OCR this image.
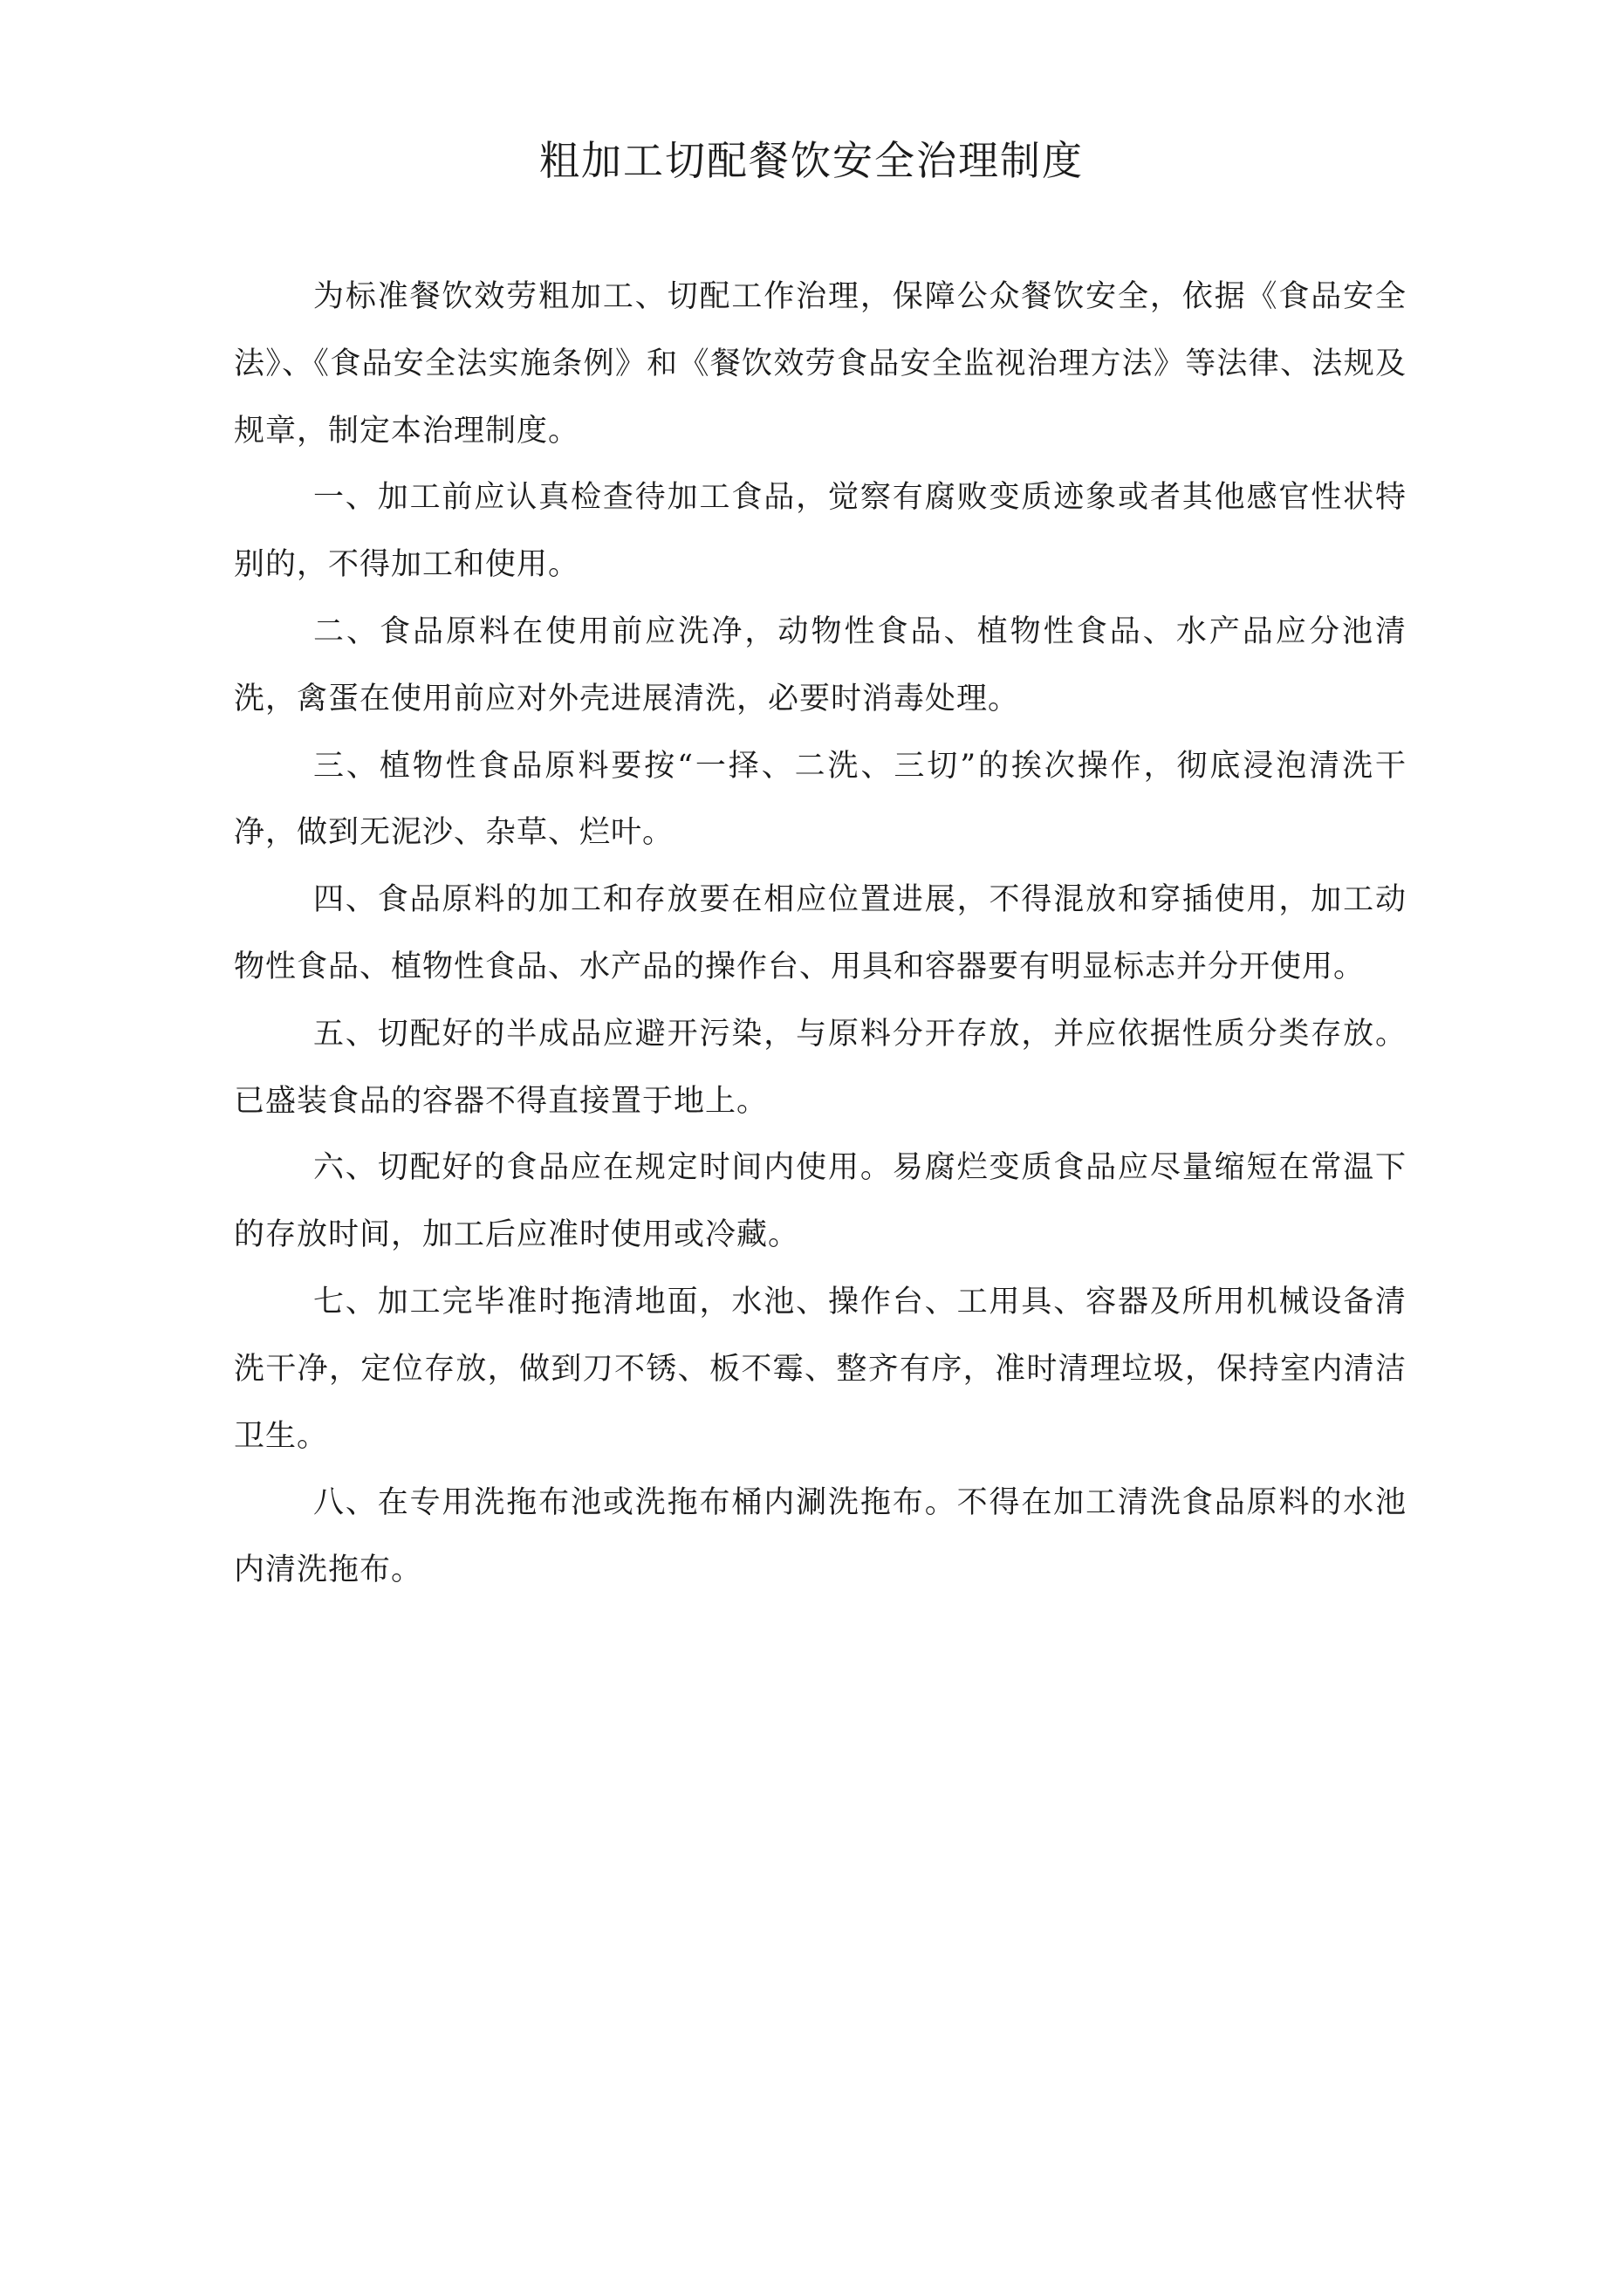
粗加工切配餐饮安全治理制度

为标准餐饮效劳粗加工、切配工作治理，保障公众餐饮安全，依据《食品安全法》、《食品安全法实施条例》和《餐饮效劳食品安全监视治理方法》等法律、法规及规章，制定本治理制度。

一、加工前应认真检查待加工食品，觉察有腐败变质迹象或者其他感官性状特别的，不得加工和使用。

二、食品原料在使用前应洗净，动物性食品、植物性食品、水产品应分池清洗，禽蛋在使用前应对外壳进展清洗，必要时消毒处理。

三、植物性食品原料要按“一择、二洗、三切”的挨次操作，彻底浸泡清洗干净，做到无泥沙、杂草、烂叶。

四、食品原料的加工和存放要在相应位置进展，不得混放和穿插使用，加工动物性食品、植物性食品、水产品的操作台、用具和容器要有明显标志并分开使用。

五、切配好的半成品应避开污染，与原料分开存放，并应依据性质分类存放。已盛装食品的容器不得直接置于地上。

六、切配好的食品应在规定时间内使用。易腐烂变质食品应尽量缩短在常温下的存放时间，加工后应准时使用或冷藏。

七、加工完毕准时拖清地面，水池、操作台、工用具、容器及所用机械设备清洗干净，定位存放，做到刀不锈、板不霉、整齐有序，准时清理垃圾，保持室内清洁卫生。

八、在专用洗拖布池或洗拖布桶内涮洗拖布。不得在加工清洗食品原料的水池内清洗拖布。
